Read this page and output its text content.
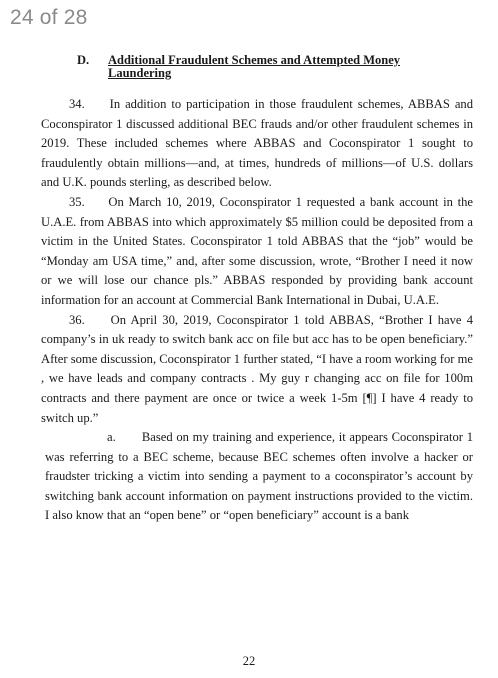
24 of 28
D. Additional Fraudulent Schemes and Attempted Money Laundering

34. In addition to participation in those fraudulent schemes, ABBAS and Coconspirator 1 discussed additional BEC frauds and/or other fraudulent schemes in 2019. These included schemes where ABBAS and Coconspirator 1 sought to fraudulently obtain millions—and, at times, hundreds of millions—of U.S. dollars and U.K. pounds sterling, as described below.

35. On March 10, 2019, Coconspirator 1 requested a bank account in the U.A.E. from ABBAS into which approximately $5 million could be deposited from a victim in the United States. Coconspirator 1 told ABBAS that the “job” would be “Monday am USA time,” and, after some discussion, wrote, “Brother I need it now or we will lose our chance pls.” ABBAS responded by providing bank account information for an account at Commercial Bank International in Dubai, U.A.E.

36. On April 30, 2019, Coconspirator 1 told ABBAS, “Brother I have 4 company’s in uk ready to switch bank acc on file but acc has to be open beneficiary.” After some discussion, Coconspirator 1 further stated, “I have a room working for me , we have leads and company contracts . My guy r changing acc on file for 100m contracts and there payment are once or twice a week 1-5m [¶] I have 4 ready to switch up.”

a. Based on my training and experience, it appears Coconspirator 1 was referring to a BEC scheme, because BEC schemes often involve a hacker or fraudster tricking a victim into sending a payment to a coconspirator’s account by switching bank account information on payment instructions provided to the victim. I also know that an “open bene” or “open beneficiary” account is a bank

22
